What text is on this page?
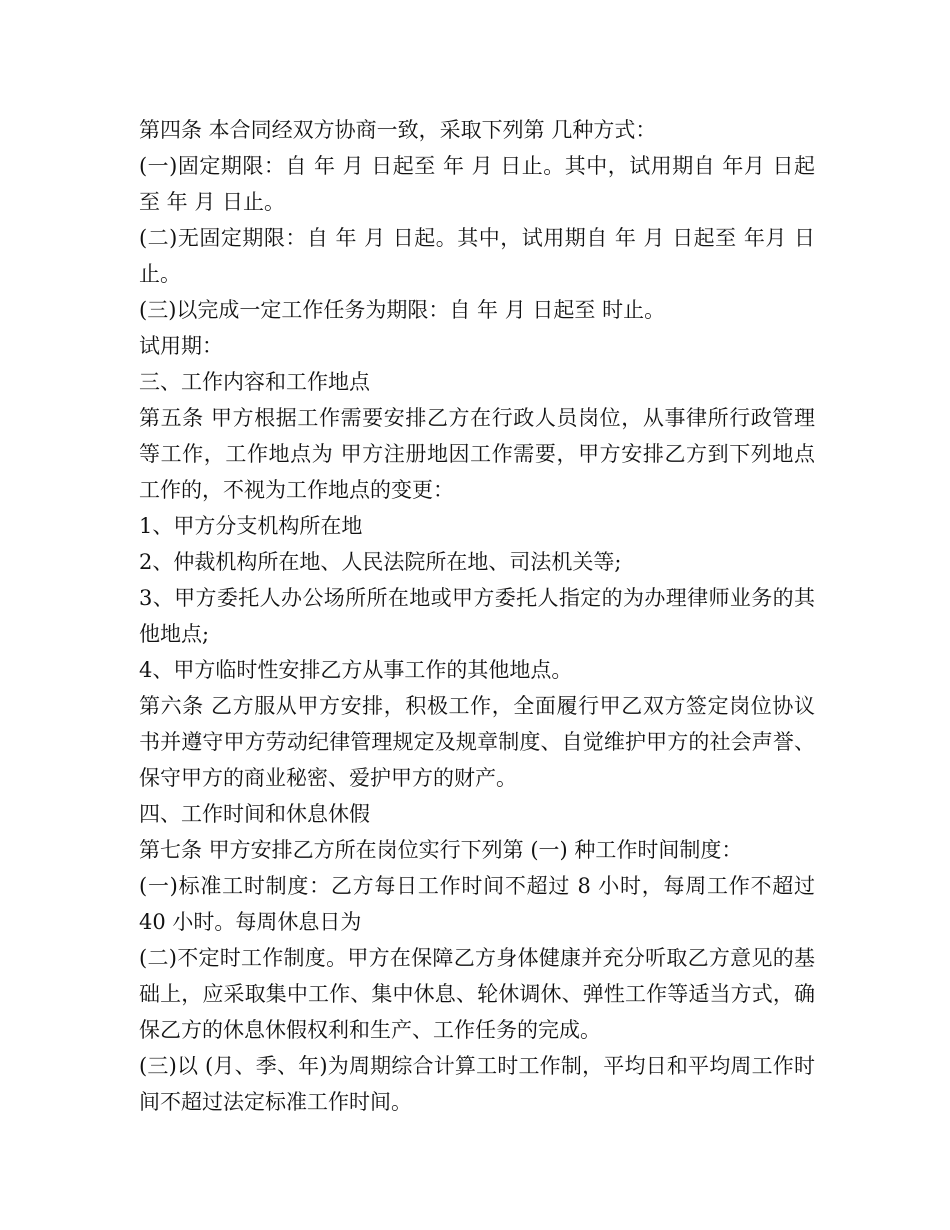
第四条 本合同经双方协商一致，采取下列第 几种方式：

(一)固定期限：自 年 月 日起至 年 月 日止。其中，试用期自 年月 日起至 年 月 日止。

(二)无固定期限：自 年 月 日起。其中，试用期自 年 月 日起至 年月 日止。

(三)以完成一定工作任务为期限：自 年 月 日起至 时止。

试用期：

三、工作内容和工作地点

第五条 甲方根据工作需要安排乙方在行政人员岗位，从事律所行政管理等工作，工作地点为 甲方注册地因工作需要，甲方安排乙方到下列地点工作的，不视为工作地点的变更：

1、甲方分支机构所在地

2、仲裁机构所在地、人民法院所在地、司法机关等;

3、甲方委托人办公场所所在地或甲方委托人指定的为办理律师业务的其他地点;

4、甲方临时性安排乙方从事工作的其他地点。

第六条 乙方服从甲方安排，积极工作，全面履行甲乙双方签定岗位协议书并遵守甲方劳动纪律管理规定及规章制度、自觉维护甲方的社会声誉、保守甲方的商业秘密、爱护甲方的财产。

四、工作时间和休息休假

第七条 甲方安排乙方所在岗位实行下列第 (一) 种工作时间制度：

(一)标准工时制度：乙方每日工作时间不超过 8 小时，每周工作不超过 40 小时。每周休息日为

(二)不定时工作制度。甲方在保障乙方身体健康并充分听取乙方意见的基础上，应采取集中工作、集中休息、轮休调休、弹性工作等适当方式，确保乙方的休息休假权利和生产、工作任务的完成。

(三)以 (月、季、年)为周期综合计算工时工作制，平均日和平均周工作时间不超过法定标准工作时间。
